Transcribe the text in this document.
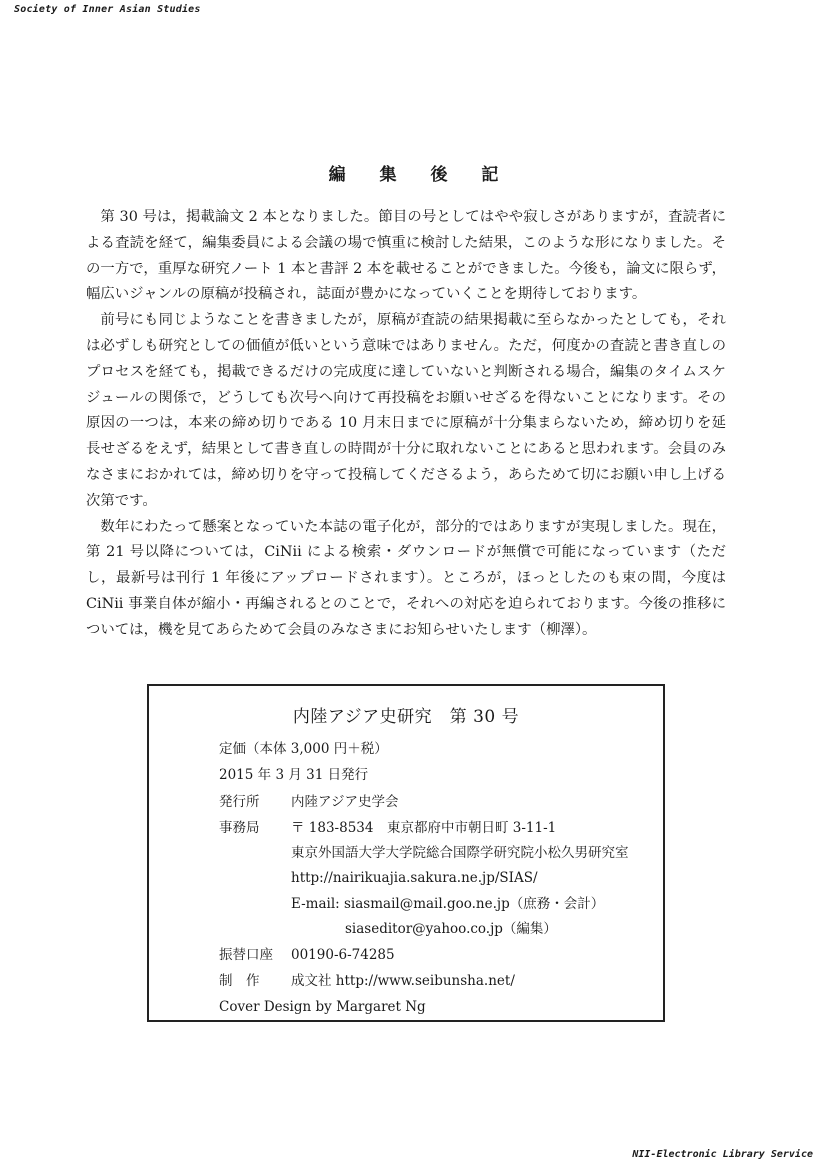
Society of Inner Asian Studies
編 集 後 記

第 30 号は，掲載論文 2 本となりました。節目の号としてはやや寂しさがありますが，査読者による査読を経て，編集委員による会議の場で慎重に検討した結果，このような形になりました。その一方で，重厚な研究ノート 1 本と書評 2 本を載せることができました。今後も，論文に限らず，幅広いジャンルの原稿が投稿され，誌面が豊かになっていくことを期待しております。

前号にも同じようなことを書きましたが，原稿が査読の結果掲載に至らなかったとしても，それは必ずしも研究としての価値が低いという意味ではありません。ただ，何度かの査読と書き直しのプロセスを経ても，掲載できるだけの完成度に達していないと判断される場合，編集のタイムスケジュールの関係で，どうしても次号へ向けて再投稿をお願いせざるを得ないことになります。その原因の一つは，本来の締め切りである 10 月末日までに原稿が十分集まらないため，締め切りを延長せざるをえず，結果として書き直しの時間が十分に取れないことにあると思われます。会員のみなさまにおかれては，締め切りを守って投稿してくださるよう，あらためて切にお願い申し上げる次第です。

数年にわたって懸案となっていた本誌の電子化が，部分的ではありますが実現しました。現在，第 21 号以降については，CiNii による検索・ダウンロードが無償で可能になっています（ただし，最新号は刊行 1 年後にアップロードされます）。ところが，ほっとしたのも束の間，今度は CiNii 事業自体が縮小・再編されるとのことで，それへの対応を迫られております。今後の推移については，機を見てあらためて会員のみなさまにお知らせいたします（柳澤）。

内陸アジア史研究　第 30 号
定価（本体 3,000 円＋税）
2015 年 3 月 31 日発行
発行所 内陸アジア史学会
事務局 〒 183-8534　東京都府中市朝日町 3-11-1
東京外国語大学大学院総合国際学研究院小松久男研究室
http://nairikuajia.sakura.ne.jp/SIAS/
E-mail: siasmail@mail.goo.ne.jp（庶務・会計）
siaseditor@yahoo.co.jp（編集）
振替口座 00190-6-74285
制　作 成文社 http://www.seibunsha.net/
Cover Design by Margaret Ng
NII-Electronic Library Service
